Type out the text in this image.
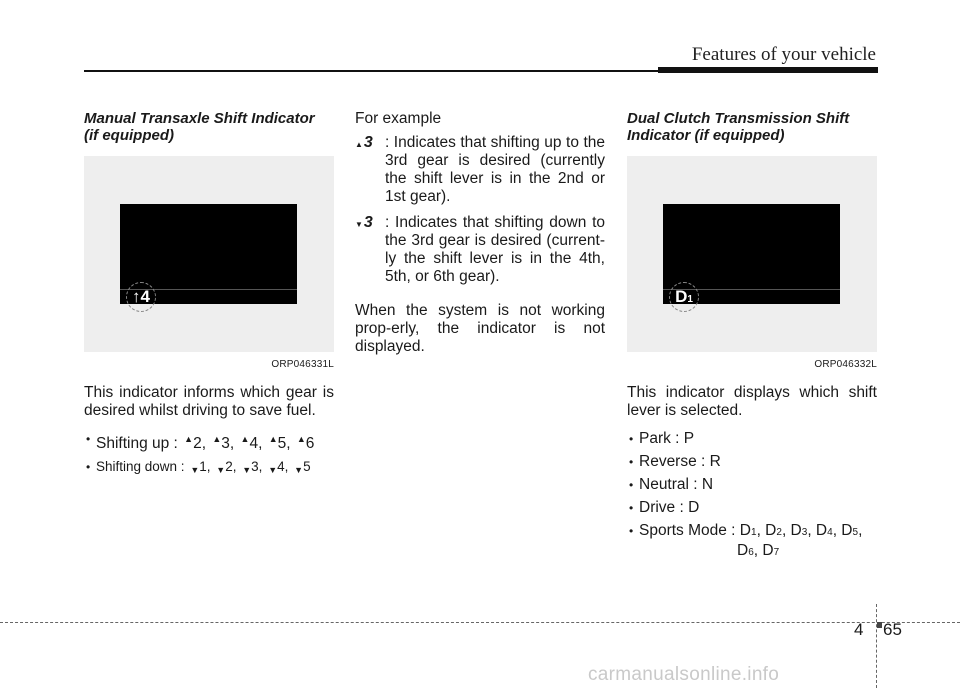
Features of your vehicle

Manual Transaxle Shift Indicator
(if equipped)

↑4
ORP046331L

This indicator informs which gear is desired whilst driving to save fuel.

• Shifting up : ▲2, ▲3, ▲4, ▲5, ▲6
• Shifting down : ▼1, ▼2, ▼3, ▼4, ▼5
For example
▲3 : Indicates that shifting up to the 3rd gear is desired (currently the shift lever is in the 2nd or 1st gear).
▼3 : Indicates that shifting down to the 3rd gear is desired (current-ly the shift lever is in the 4th, 5th, or 6th gear).

When the system is not working prop-erly, the indicator is not displayed.

Dual Clutch Transmission Shift
Indicator (if equipped)

D1
ORP046332L

This indicator displays which shift lever is selected.

• Park : P
• Reverse : R
• Neutral : N
• Drive : D
• Sports Mode : D1, D2, D3, D4, D5,
D6, D7
4 65
carmanualsonline.info
